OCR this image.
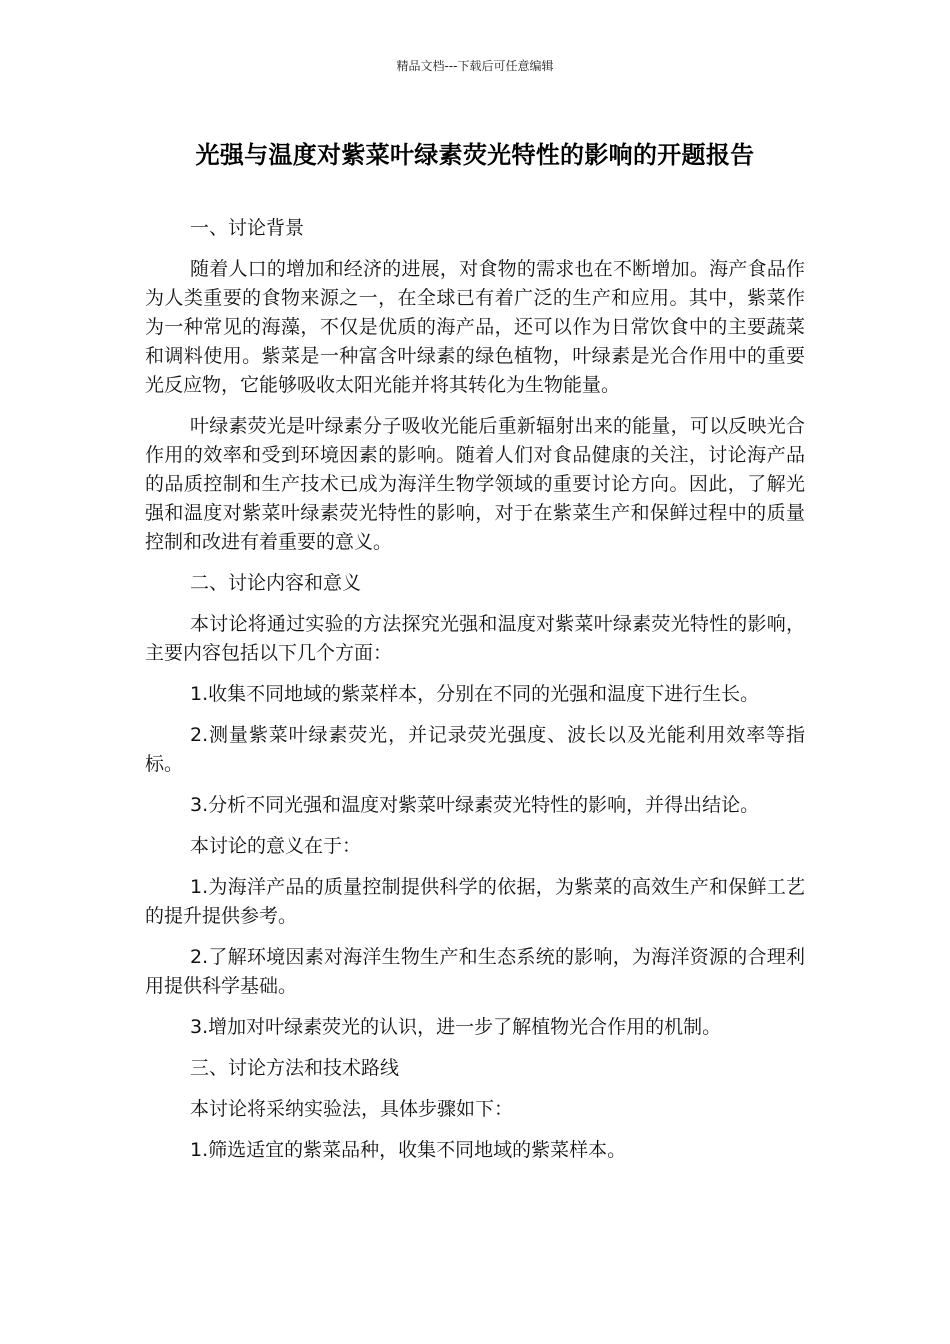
精品文档---下载后可任意编辑
光强与温度对紫菜叶绿素荧光特性的影响的开题报告

一、讨论背景

随着人口的增加和经济的进展，对食物的需求也在不断增加。海产食品作为人类重要的食物来源之一，在全球已有着广泛的生产和应用。其中，紫菜作为一种常见的海藻，不仅是优质的海产品，还可以作为日常饮食中的主要蔬菜和调料使用。紫菜是一种富含叶绿素的绿色植物，叶绿素是光合作用中的重要光反应物，它能够吸收太阳光能并将其转化为生物能量。

叶绿素荧光是叶绿素分子吸收光能后重新辐射出来的能量，可以反映光合作用的效率和受到环境因素的影响。随着人们对食品健康的关注，讨论海产品的品质控制和生产技术已成为海洋生物学领域的重要讨论方向。因此，了解光强和温度对紫菜叶绿素荧光特性的影响，对于在紫菜生产和保鲜过程中的质量控制和改进有着重要的意义。

二、讨论内容和意义

本讨论将通过实验的方法探究光强和温度对紫菜叶绿素荧光特性的影响，主要内容包括以下几个方面：

1.收集不同地域的紫菜样本，分别在不同的光强和温度下进行生长。

2.测量紫菜叶绿素荧光，并记录荧光强度、波长以及光能利用效率等指标。

3.分析不同光强和温度对紫菜叶绿素荧光特性的影响，并得出结论。

本讨论的意义在于：

1.为海洋产品的质量控制提供科学的依据，为紫菜的高效生产和保鲜工艺的提升提供参考。

2.了解环境因素对海洋生物生产和生态系统的影响，为海洋资源的合理利用提供科学基础。

3.增加对叶绿素荧光的认识，进一步了解植物光合作用的机制。

三、讨论方法和技术路线

本讨论将采纳实验法，具体步骤如下：

1.筛选适宜的紫菜品种，收集不同地域的紫菜样本。
